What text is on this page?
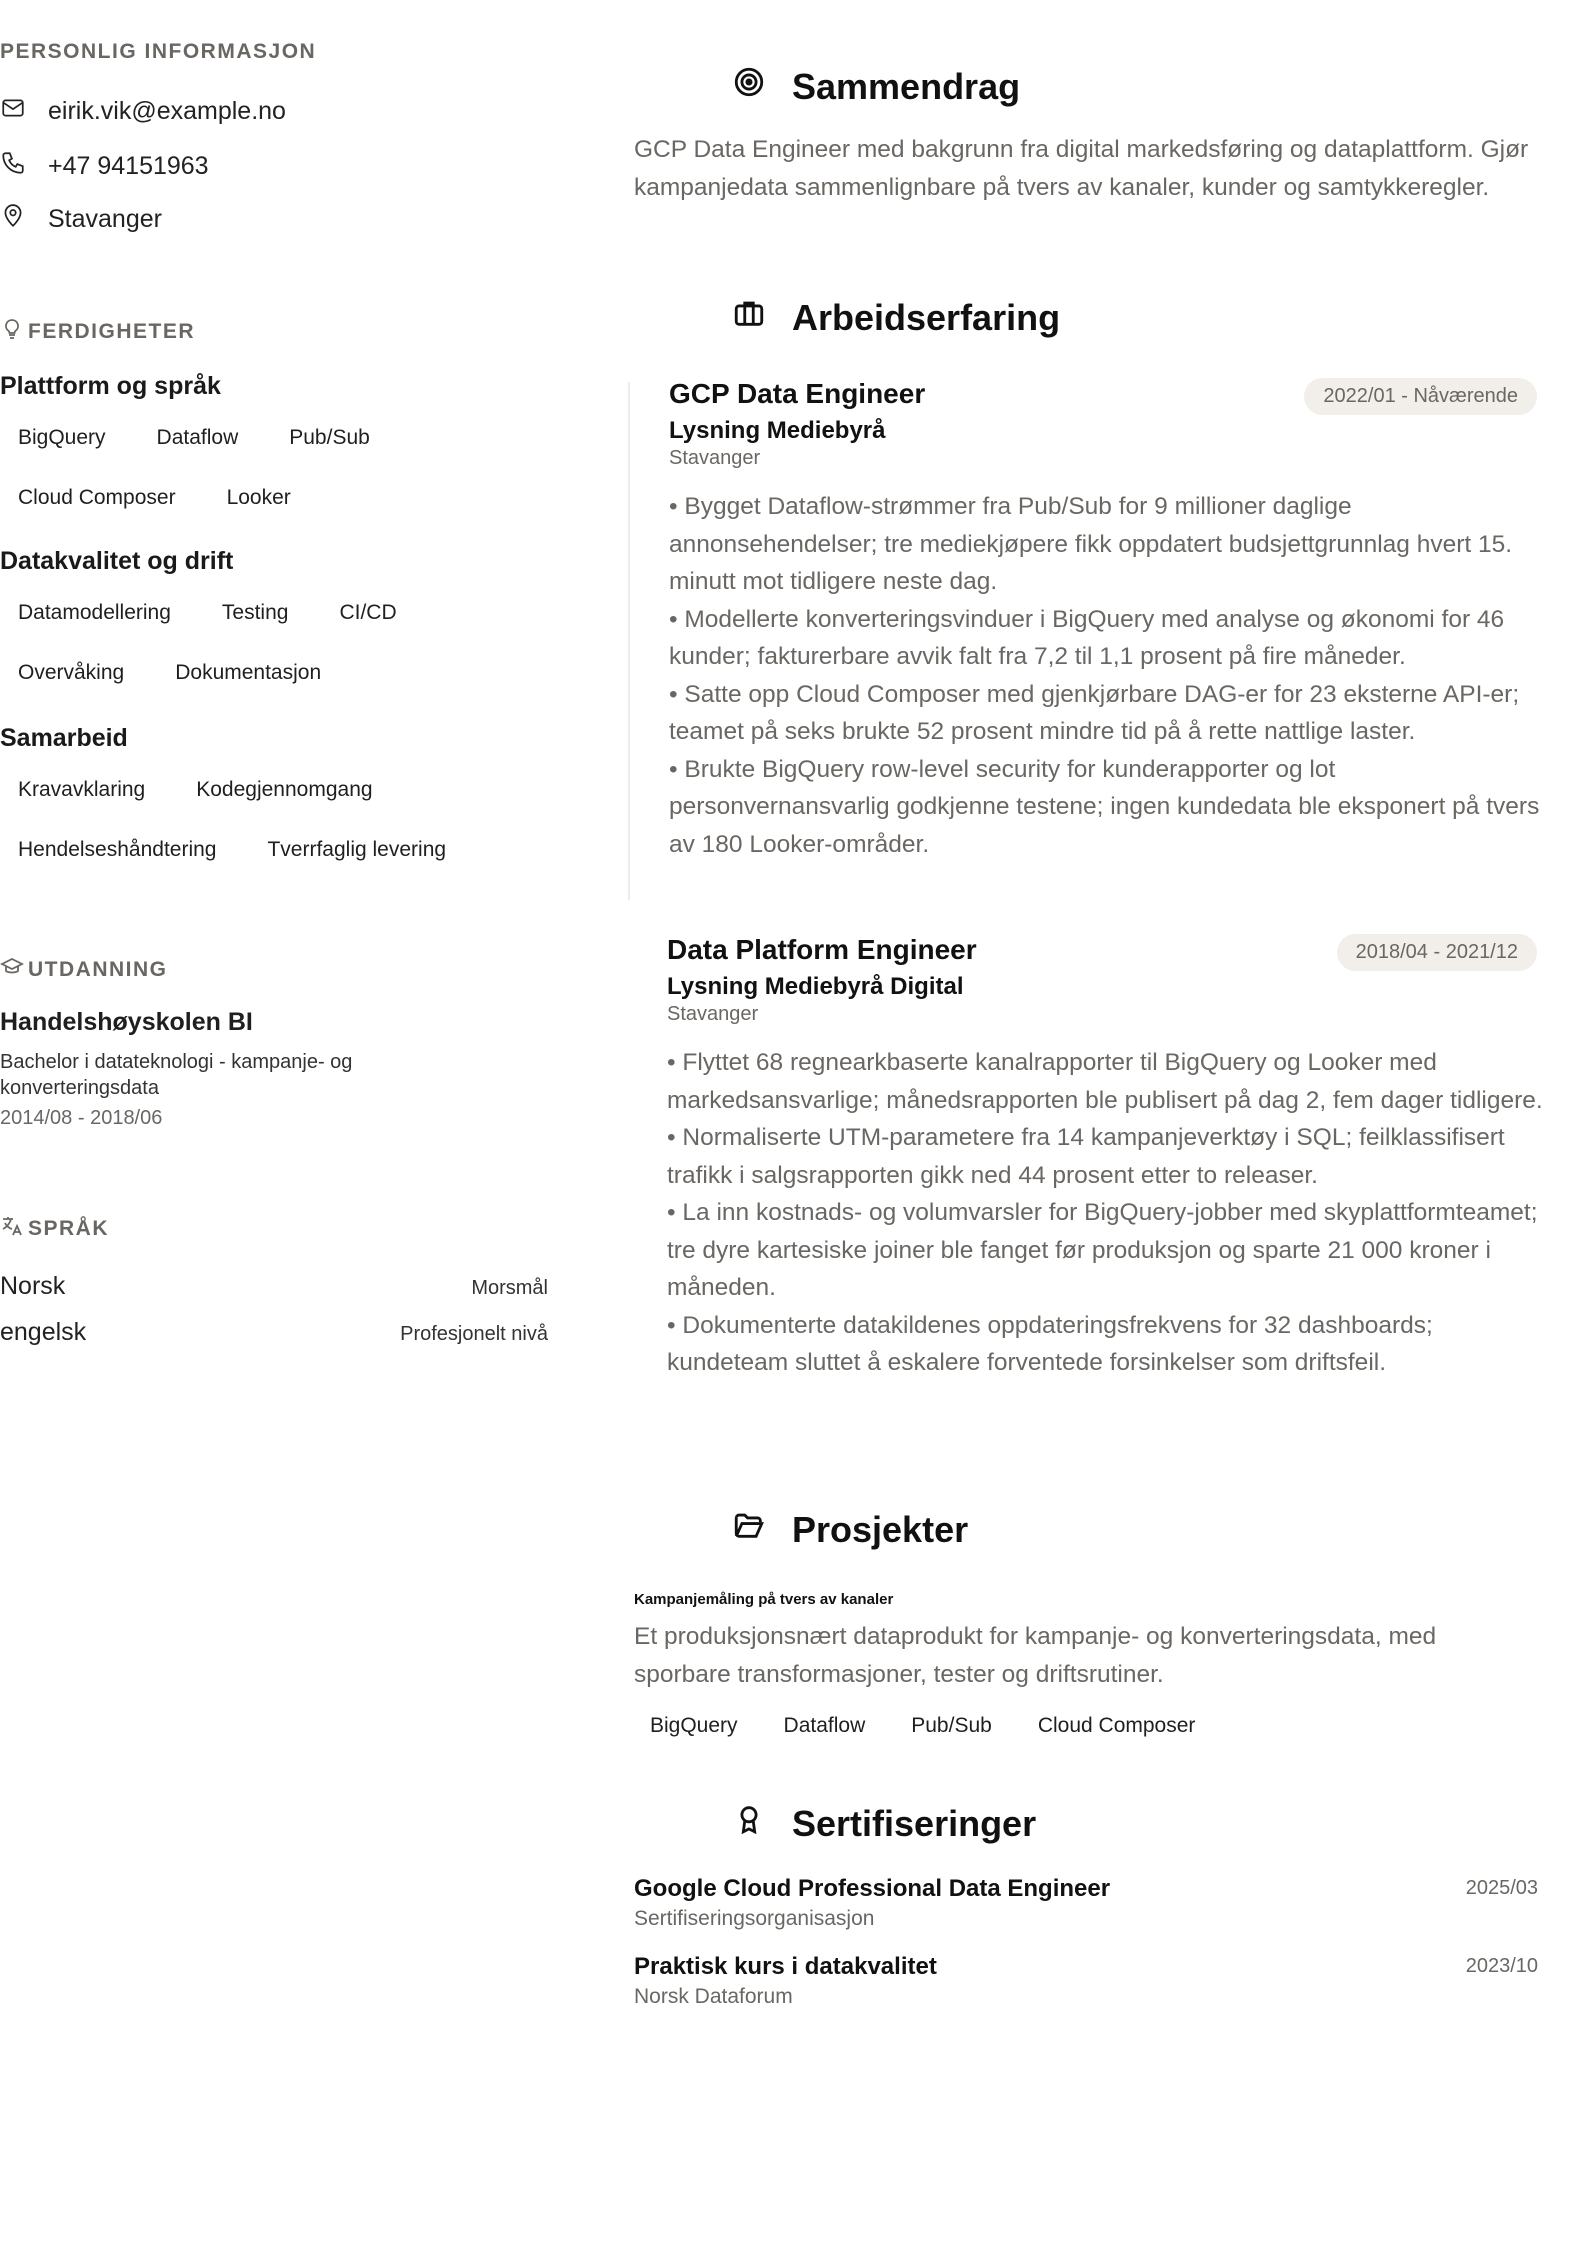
PERSONLIG INFORMASJON
eirik.vik@example.no
+47 94151963
Stavanger
FERDIGHETER
Plattform og språk
BigQuery Dataflow Pub/Sub
Cloud Composer Looker
Datakvalitet og drift
Datamodellering Testing CI/CD
Overvåking Dokumentasjon
Samarbeid
Kravavklaring Kodegjennomgang
Hendelseshåndtering Tverrfaglig levering
UTDANNING
Handelshøyskolen BI
Bachelor i datateknologi - kampanje- og konverteringsdata
2014/08 - 2018/06
SPRÅK
Norsk	Morsmål
engelsk	Profesjonelt nivå
Sammendrag
GCP Data Engineer med bakgrunn fra digital markedsføring og dataplattform. Gjør kampanjedata sammenlignbare på tvers av kanaler, kunder og samtykkeregler.
Arbeidserfaring
GCP Data Engineer	2022/01 - Nåværende
Lysning Mediebyrå
Stavanger
• Bygget Dataflow-strømmer fra Pub/Sub for 9 millioner daglige annonsehendelser; tre mediekjøpere fikk oppdatert budsjettgrunnlag hvert 15. minutt mot tidligere neste dag.
• Modellerte konverteringsvinduer i BigQuery med analyse og økonomi for 46 kunder; fakturerbare avvik falt fra 7,2 til 1,1 prosent på fire måneder.
• Satte opp Cloud Composer med gjenkjørbare DAG-er for 23 eksterne API-er; teamet på seks brukte 52 prosent mindre tid på å rette nattlige laster.
• Brukte BigQuery row-level security for kunderapporter og lot personvernansvarlig godkjenne testene; ingen kundedata ble eksponert på tvers av 180 Looker-områder.
Data Platform Engineer	2018/04 - 2021/12
Lysning Mediebyrå Digital
Stavanger
• Flyttet 68 regnearkbaserte kanalrapporter til BigQuery og Looker med markedsansvarlige; månedsrapporten ble publisert på dag 2, fem dager tidligere.
• Normaliserte UTM-parametere fra 14 kampanjeverktøy i SQL; feilklassifisert trafikk i salgsrapporten gikk ned 44 prosent etter to releaser.
• La inn kostnads- og volumvarsler for BigQuery-jobber med skyplattformteamet; tre dyre kartesiske joiner ble fanget før produksjon og sparte 21 000 kroner i måneden.
• Dokumenterte datakildenes oppdateringsfrekvens for 32 dashboards; kundeteam sluttet å eskalere forventede forsinkelser som driftsfeil.
Prosjekter
Kampanjemåling på tvers av kanaler
Et produksjonsnært dataprodukt for kampanje- og konverteringsdata, med sporbare transformasjoner, tester og driftsrutiner.
BigQuery Dataflow Pub/Sub Cloud Composer
Sertifiseringer
Google Cloud Professional Data Engineer
Sertifiseringsorganisasjon
2025/03
Praktisk kurs i datakvalitet
Norsk Dataforum
2023/10
